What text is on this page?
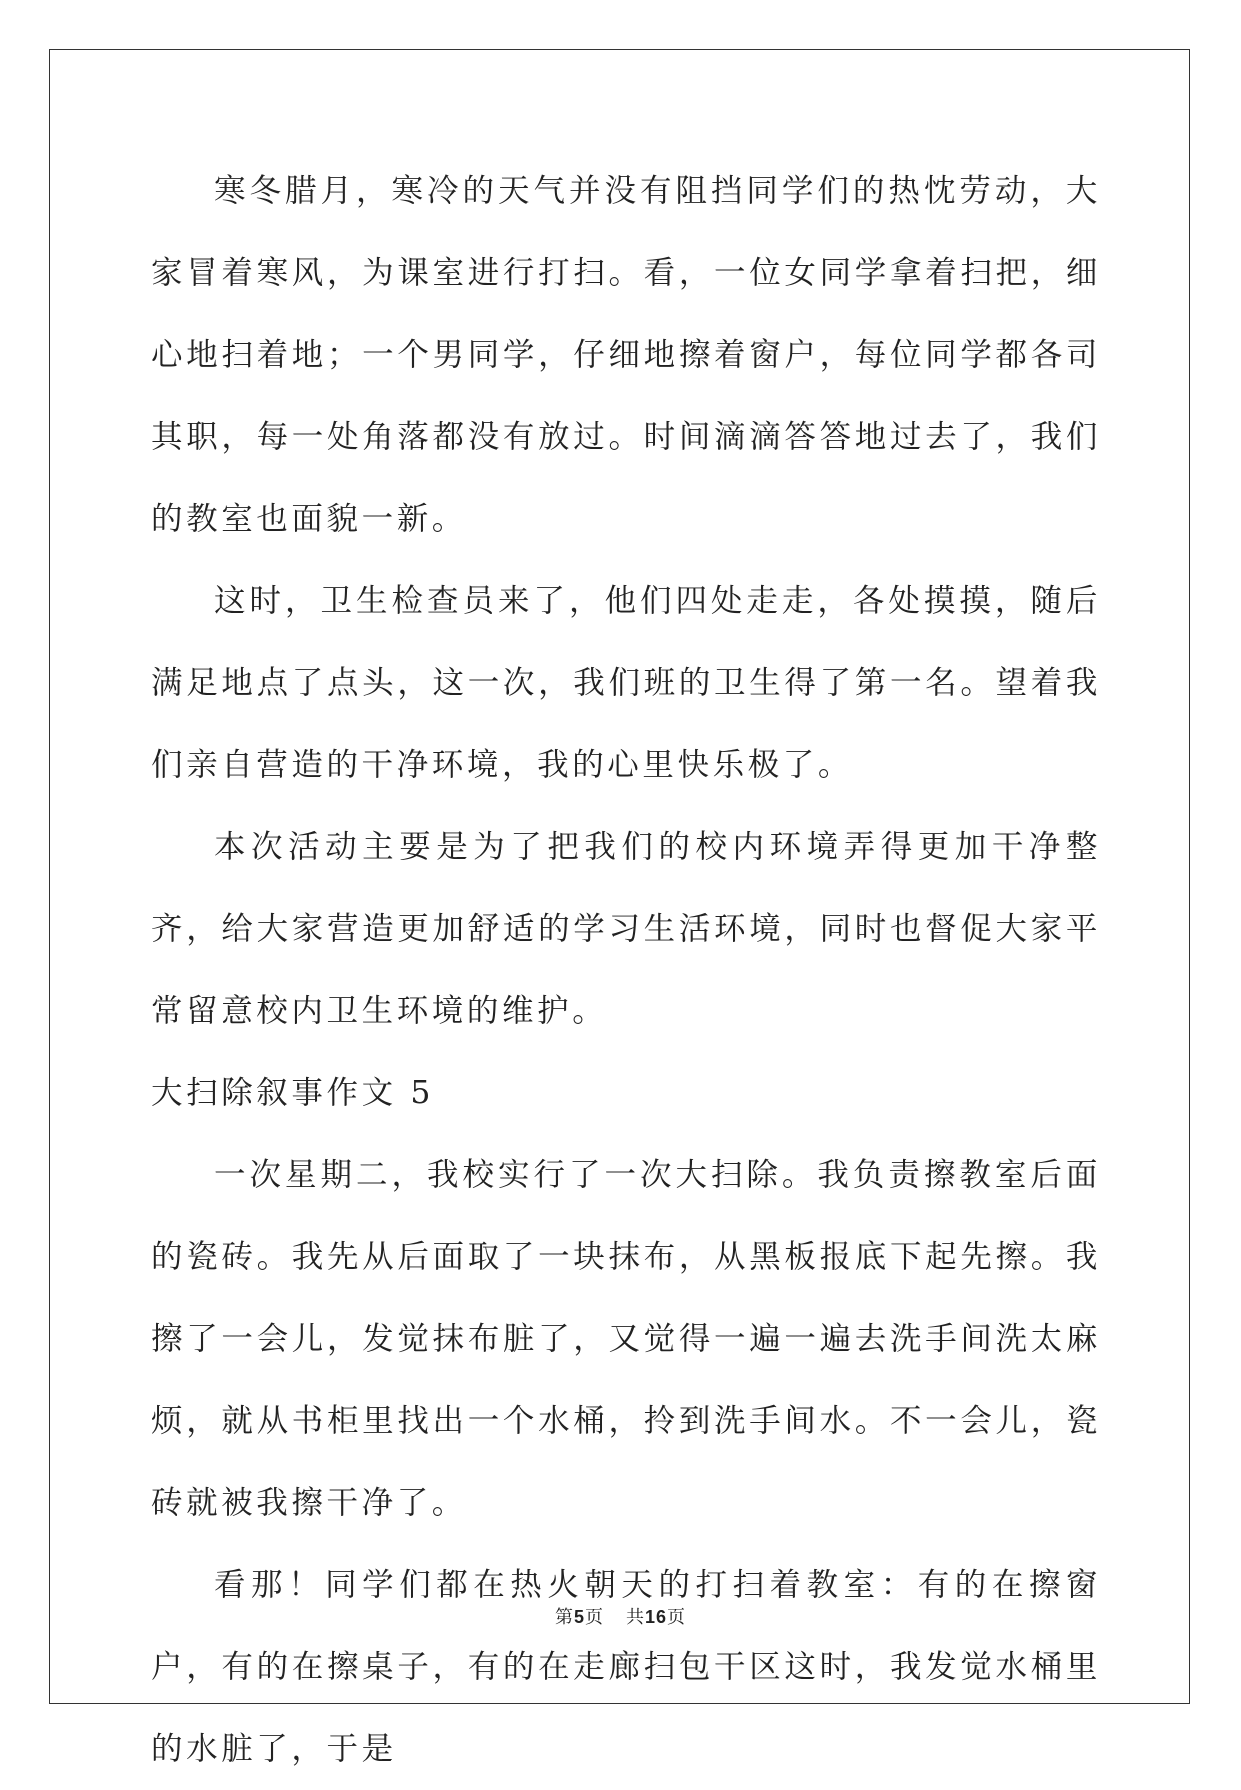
寒冬腊月，寒冷的天气并没有阻挡同学们的热忱劳动，大家冒着寒风，为课室进行打扫。看，一位女同学拿着扫把，细心地扫着地；一个男同学，仔细地擦着窗户，每位同学都各司其职，每一处角落都没有放过。时间滴滴答答地过去了，我们的教室也面貌一新。

这时，卫生检查员来了，他们四处走走，各处摸摸，随后满足地点了点头，这一次，我们班的卫生得了第一名。望着我们亲自营造的干净环境，我的心里快乐极了。

本次活动主要是为了把我们的校内环境弄得更加干净整齐，给大家营造更加舒适的学习生活环境，同时也督促大家平常留意校内卫生环境的维护。

大扫除叙事作文 5

一次星期二，我校实行了一次大扫除。我负责擦教室后面的瓷砖。我先从后面取了一块抹布，从黑板报底下起先擦。我擦了一会儿，发觉抹布脏了，又觉得一遍一遍去洗手间洗太麻烦，就从书柜里找出一个水桶，拎到洗手间水。不一会儿，瓷砖就被我擦干净了。

看那！同学们都在热火朝天的打扫着教室：有的在擦窗户，有的在擦桌子，有的在走廊扫包干区这时，我发觉水桶里的水脏了，于是

第5页 共16页
